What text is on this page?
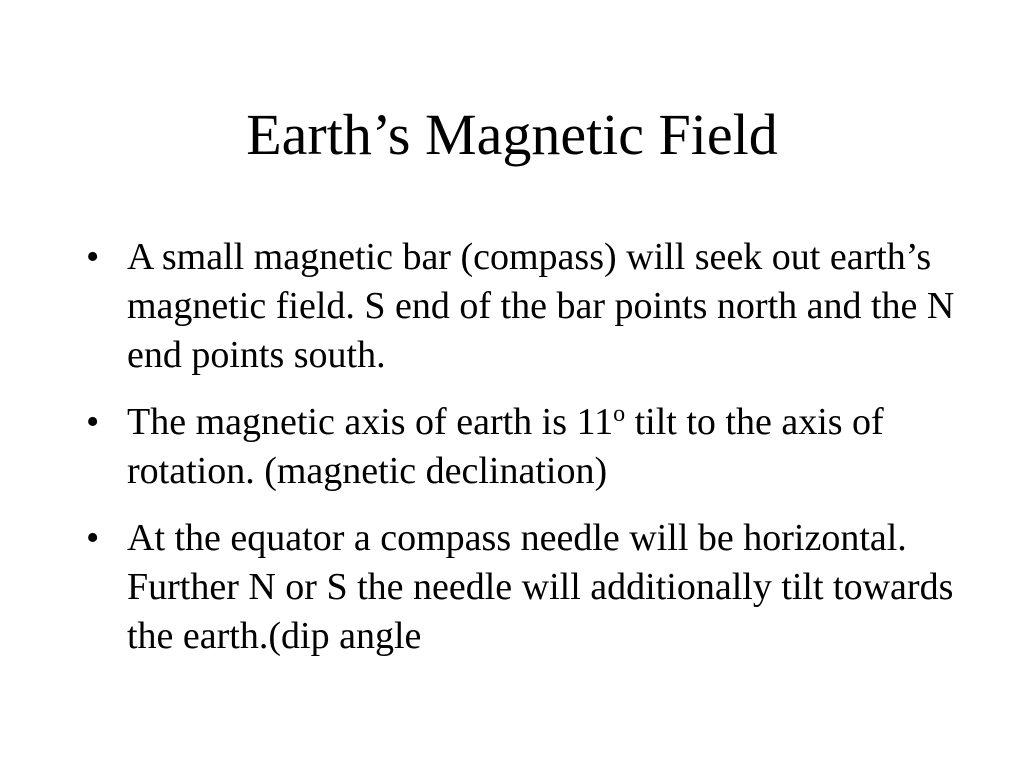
Earth’s Magnetic Field
• A small magnetic bar (compass) will seek out earth’s magnetic field. S end of the bar points north and the N end points south.
• The magnetic axis of earth is 11$^o$ tilt to the axis of rotation. (magnetic declination)
• At the equator a compass needle will be horizontal. Further N or S the needle will additionally tilt towards the earth.(dip angle
